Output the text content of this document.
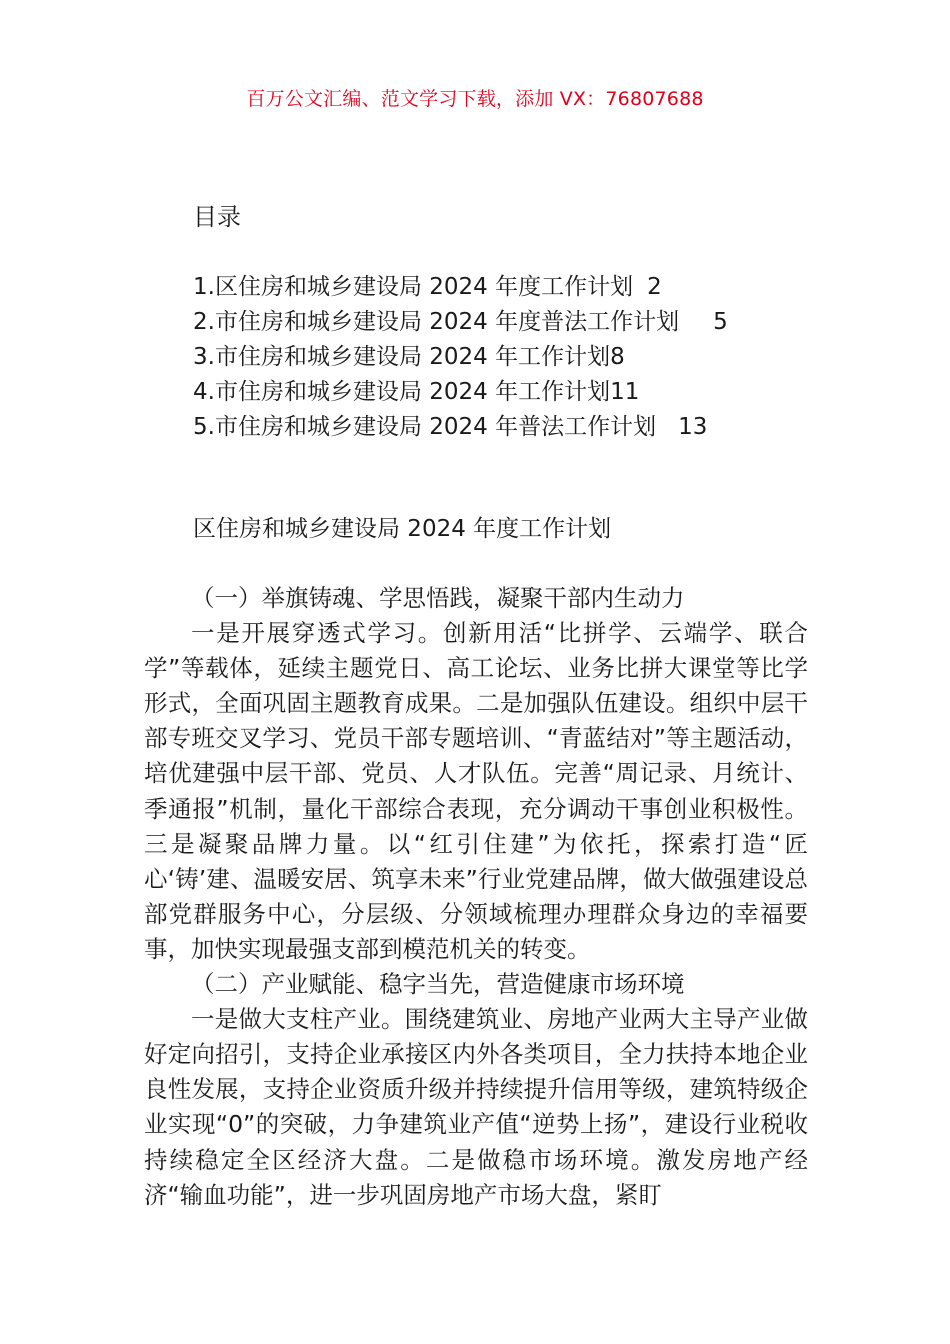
百万公文汇编、范文学习下载，添加 VX：76807688
目录
1.区住房和城乡建设局 2024 年度工作计划 2
2.市住房和城乡建设局 2024 年度普法工作计划 5
3.市住房和城乡建设局 2024 年工作计划 8
4.市住房和城乡建设局 2024 年工作计划 11
5.市住房和城乡建设局 2024 年普法工作计划 13
区住房和城乡建设局 2024 年度工作计划

（一）举旗铸魂、学思悟践，凝聚干部内生动力

一是开展穿透式学习。创新用活“比拼学、云端学、联合学”等载体，延续主题党日、高工论坛、业务比拼大课堂等比学形式，全面巩固主题教育成果。二是加强队伍建设。组织中层干部专班交叉学习、党员干部专题培训、“青蓝结对”等主题活动，培优建强中层干部、党员、人才队伍。完善“周记录、月统计、季通报”机制，量化干部综合表现，充分调动干事创业积极性。三是凝聚品牌力量。以“红引住建”为依托，探索打造“匠心‘铸’建、温暖安居、筑享未来”行业党建品牌，做大做强建设总部党群服务中心，分层级、分领域梳理办理群众身边的幸福要事，加快实现最强支部到模范机关的转变。

（二）产业赋能、稳字当先，营造健康市场环境

一是做大支柱产业。围绕建筑业、房地产业两大主导产业做好定向招引，支持企业承接区内外各类项目，全力扶持本地企业良性发展，支持企业资质升级并持续提升信用等级，建筑特级企业实现“0”的突破，力争建筑业产值“逆势上扬”，建设行业税收持续稳定全区经济大盘。二是做稳市场环境。激发房地产经济“输血功能”，进一步巩固房地产市场大盘，紧盯
